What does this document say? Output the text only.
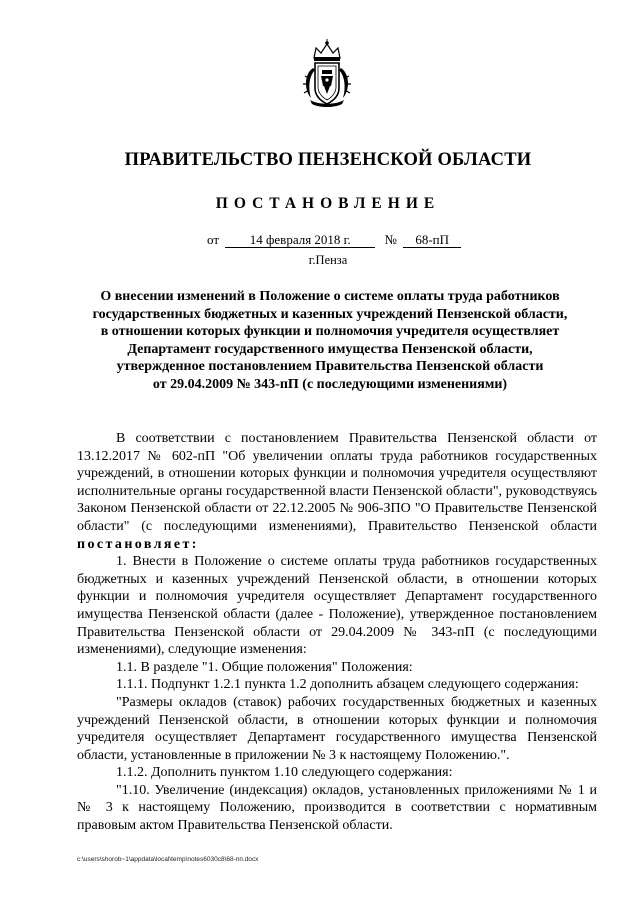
ПРАВИТЕЛЬСТВО ПЕНЗЕНСКОЙ ОБЛАСТИ
ПОСТАНОВЛЕНИЕ
от 14 февраля 2018 г.	№ 68-пП
г.Пенза
О внесении изменений в Положение о системе оплаты труда работников
государственных бюджетных и казенных учреждений Пензенской области,
в отношении которых функции и полномочия учредителя осуществляет
Департамент государственного имущества Пензенской области,
утвержденное постановлением Правительства Пензенской области
от 29.04.2009 № 343-пП (с последующими изменениями)

В соответствии с постановлением Правительства Пензенской области от 13.12.2017 № 602-пП "Об увеличении оплаты труда работников государственных учреждений, в отношении которых функции и полномочия учредителя осуществляют исполнительные органы государственной власти Пензенской области", руководствуясь Законом Пензенской области от 22.12.2005 № 906-ЗПО "О Правительстве Пензенской области" (с последующими изменениями), Правительство Пензенской области постановляет:

1. Внести в Положение о системе оплаты труда работников государственных бюджетных и казенных учреждений Пензенской области, в отношении которых функции и полномочия учредителя осуществляет Департамент государственного имущества Пензенской области (далее - Положение), утвержденное постановлением Правительства Пензенской области от 29.04.2009 № 343-пП (с последующими изменениями), следующие изменения:

1.1. В разделе "1. Общие положения" Положения:

1.1.1. Подпункт 1.2.1 пункта 1.2 дополнить абзацем следующего содержания:

"Размеры окладов (ставок) рабочих государственных бюджетных и казенных учреждений Пензенской области, в отношении которых функции и полномочия учредителя осуществляет Департамент государственного имущества Пензенской области, установленные в приложении № 3 к настоящему Положению.".

1.1.2. Дополнить пунктом 1.10 следующего содержания:

"1.10. Увеличение (индексация) окладов, установленных приложениями № 1 и № 3 к настоящему Положению, производится в соответствии с нормативным правовым актом Правительства Пензенской области.

c:\users\shorob~1\appdata\local\temp\notes6030c8\68-пп.docx
